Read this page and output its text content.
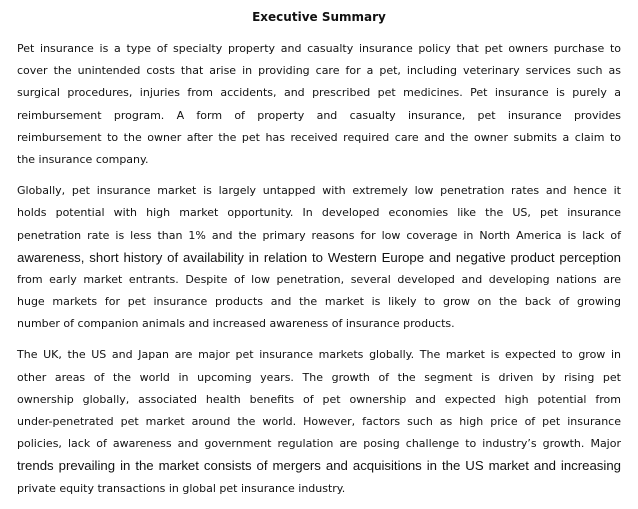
Executive Summary
Pet insurance is a type of specialty property and casualty insurance policy that pet owners purchase to
cover the unintended costs that arise in providing care for a pet, including veterinary services such as
surgical procedures, injuries from accidents, and prescribed pet medicines. Pet insurance is purely a
reimbursement program. A form of property and casualty insurance, pet insurance provides
reimbursement to the owner after the pet has received required care and the owner submits a claim to
the insurance company.
Globally, pet insurance market is largely untapped with extremely low penetration rates and hence it
holds potential with high market opportunity. In developed economies like the US, pet insurance
penetration rate is less than 1% and the primary reasons for low coverage in North America is lack of
awareness, short history of availability in relation to Western Europe and negative product perception
from early market entrants. Despite of low penetration, several developed and developing nations are
huge markets for pet insurance products and the market is likely to grow on the back of growing
number of companion animals and increased awareness of insurance products.
The UK, the US and Japan are major pet insurance markets globally. The market is expected to grow in
other areas of the world in upcoming years. The growth of the segment is driven by rising pet
ownership globally, associated health benefits of pet ownership and expected high potential from
under-penetrated pet market around the world. However, factors such as high price of pet insurance
policies, lack of awareness and government regulation are posing challenge to industry’s growth. Major
trends prevailing in the market consists of mergers and acquisitions in the US market and increasing
private equity transactions in global pet insurance industry.
